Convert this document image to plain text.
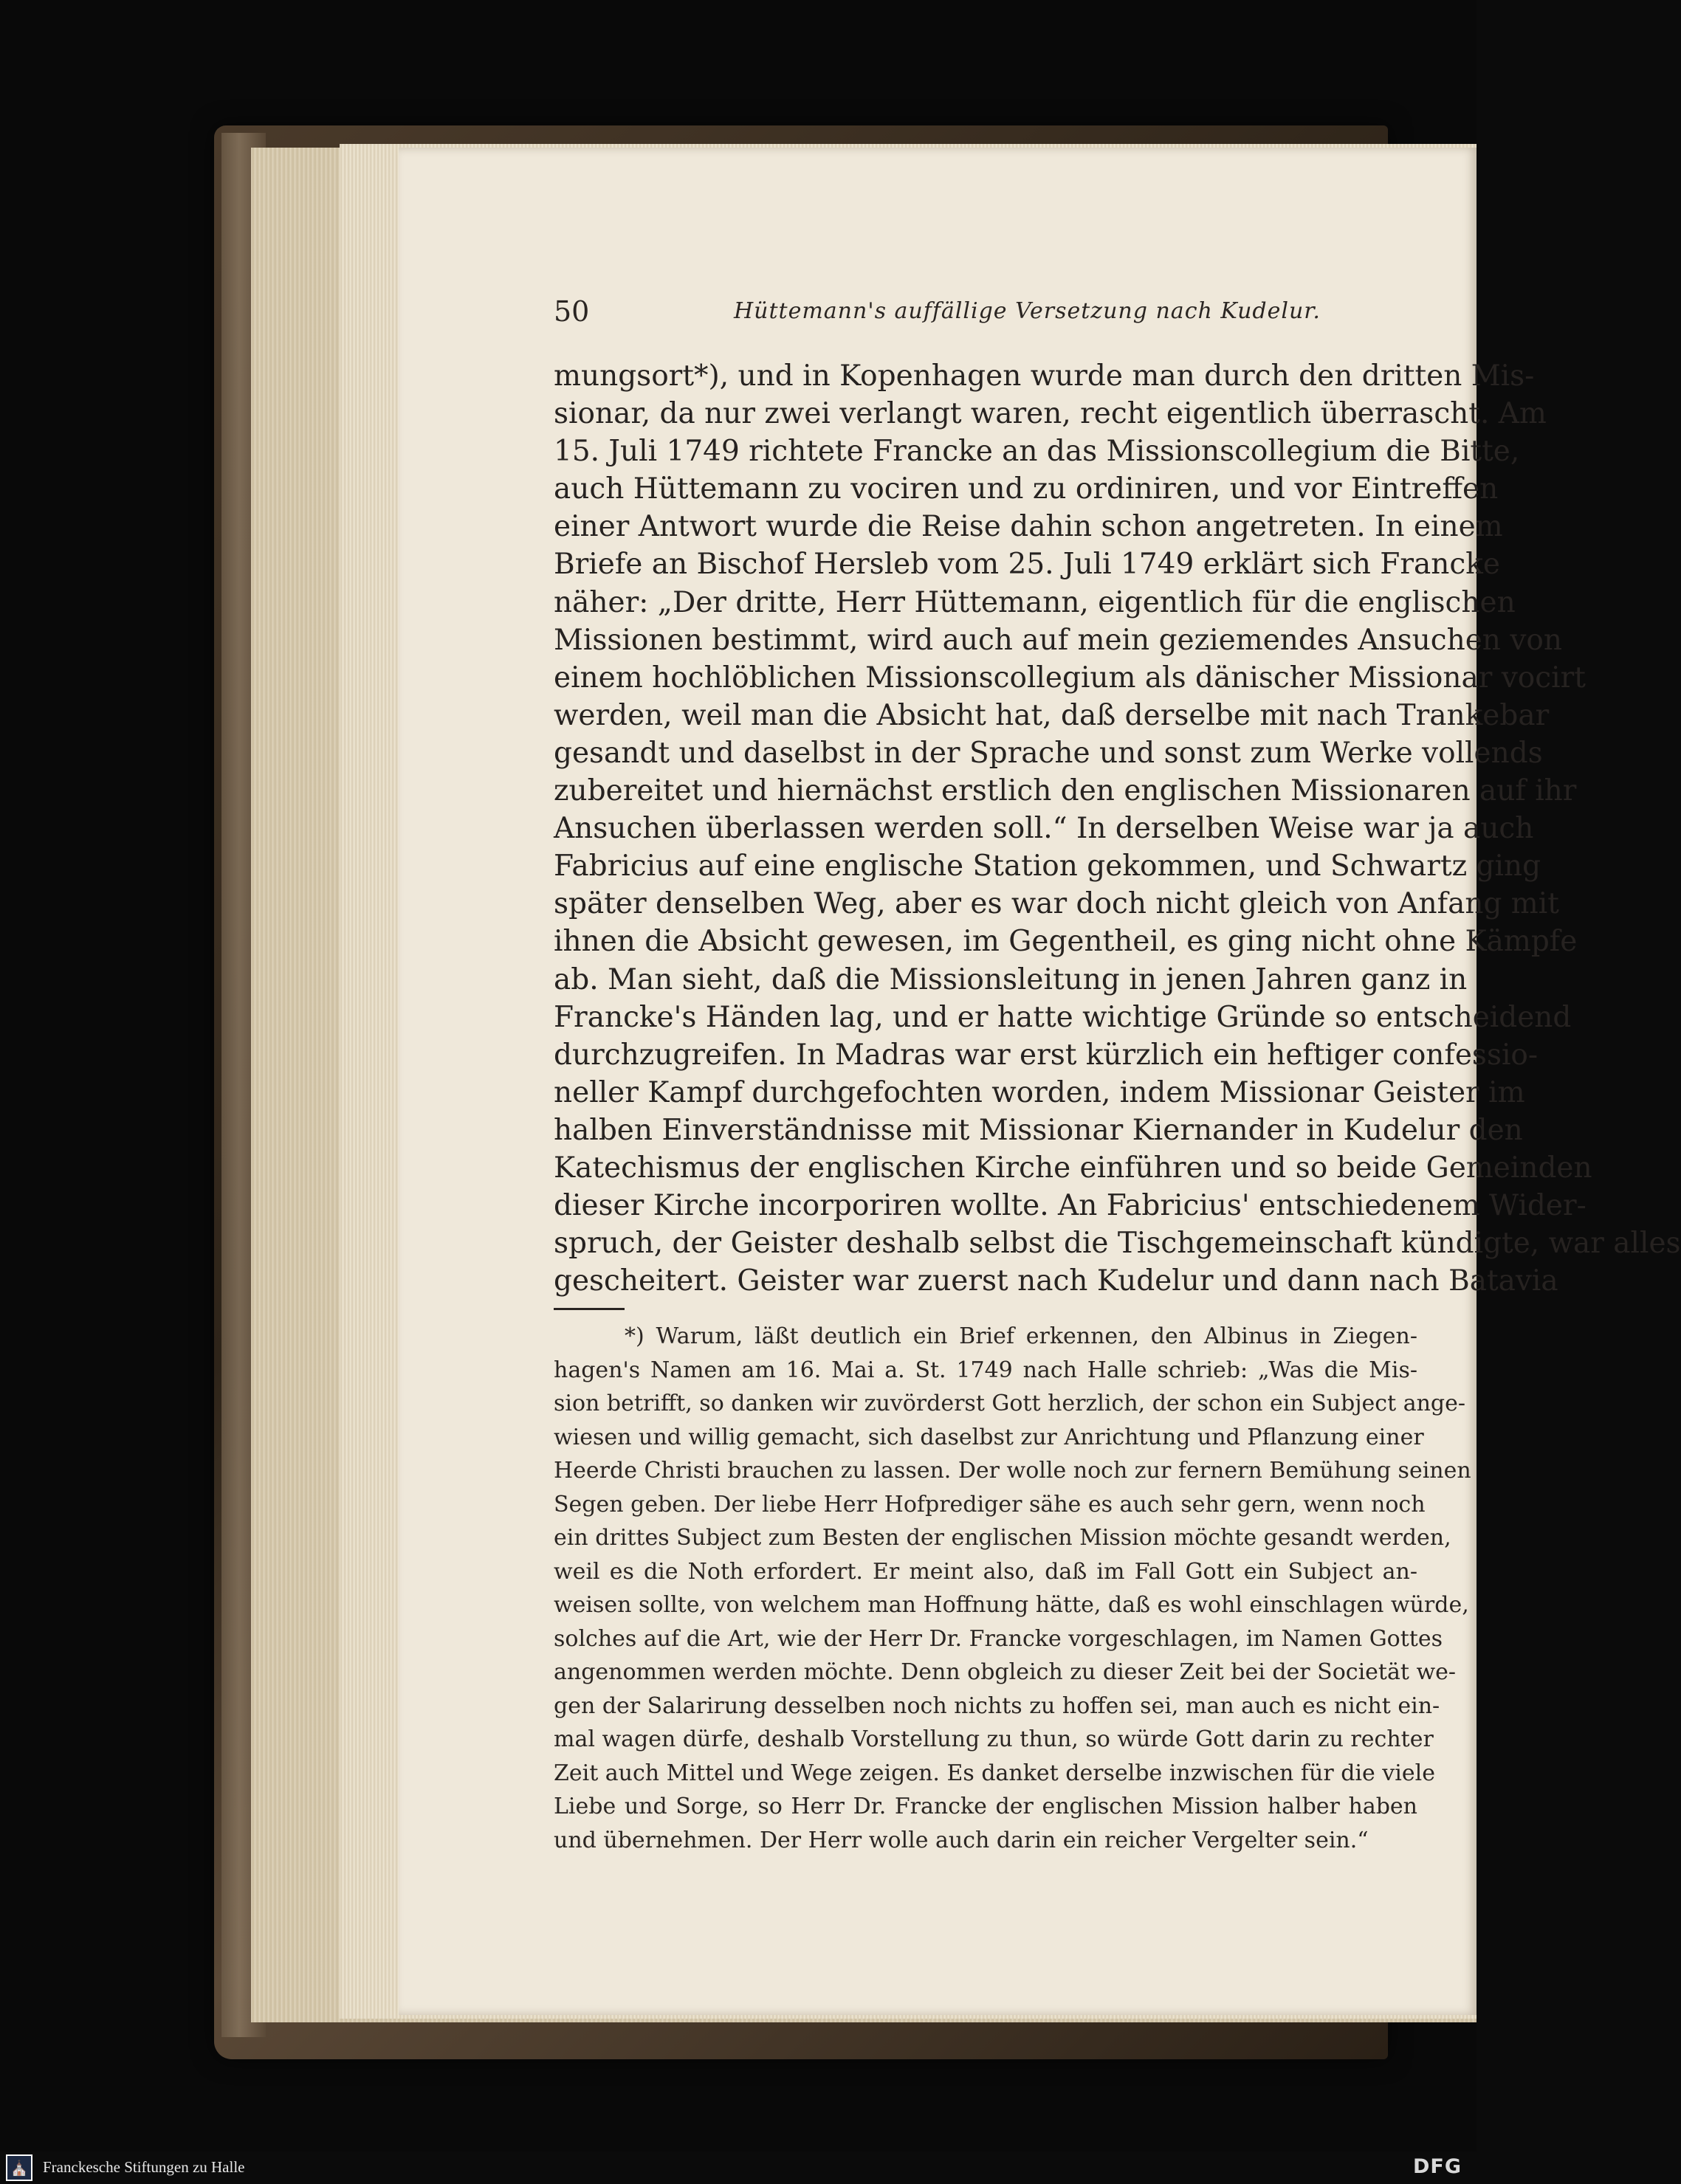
50	Hüttemann's auffällige Versetzung nach Kudelur.
mungsort*), und in Kopenhagen wurde man durch den dritten Mis-
sionar, da nur zwei verlangt waren, recht eigentlich überrascht. Am
15. Juli 1749 richtete Francke an das Missionscollegium die Bitte,
auch Hüttemann zu vociren und zu ordiniren, und vor Eintreffen
einer Antwort wurde die Reise dahin schon angetreten. In einem
Briefe an Bischof Hersleb vom 25. Juli 1749 erklärt sich Francke
näher: „Der dritte, Herr Hüttemann, eigentlich für die englischen
Missionen bestimmt, wird auch auf mein geziemendes Ansuchen von
einem hochlöblichen Missionscollegium als dänischer Missionar vocirt
werden, weil man die Absicht hat, daß derselbe mit nach Trankebar
gesandt und daselbst in der Sprache und sonst zum Werke vollends
zubereitet und hiernächst erstlich den englischen Missionaren auf ihr
Ansuchen überlassen werden soll.“ In derselben Weise war ja auch
Fabricius auf eine englische Station gekommen, und Schwartz ging
später denselben Weg, aber es war doch nicht gleich von Anfang mit
ihnen die Absicht gewesen, im Gegentheil, es ging nicht ohne Kämpfe
ab. Man sieht, daß die Missionsleitung in jenen Jahren ganz in
Francke's Händen lag, und er hatte wichtige Gründe so entscheidend
durchzugreifen. In Madras war erst kürzlich ein heftiger confessio-
neller Kampf durchgefochten worden, indem Missionar Geister im
halben Einverständnisse mit Missionar Kiernander in Kudelur den
Katechismus der englischen Kirche einführen und so beide Gemeinden
dieser Kirche incorporiren wollte. An Fabricius' entschiedenem Wider-
spruch, der Geister deshalb selbst die Tischgemeinschaft kündigte, war alles
gescheitert. Geister war zuerst nach Kudelur und dann nach Batavia
*) Warum, läßt deutlich ein Brief erkennen, den Albinus in Ziegen-
hagen's Namen am 16. Mai a. St. 1749 nach Halle schrieb: „Was die Mis-
sion betrifft, so danken wir zuvörderst Gott herzlich, der schon ein Subject ange-
wiesen und willig gemacht, sich daselbst zur Anrichtung und Pflanzung einer
Heerde Christi brauchen zu lassen. Der wolle noch zur fernern Bemühung seinen
Segen geben. Der liebe Herr Hofprediger sähe es auch sehr gern, wenn noch
ein drittes Subject zum Besten der englischen Mission möchte gesandt werden,
weil es die Noth erfordert. Er meint also, daß im Fall Gott ein Subject an-
weisen sollte, von welchem man Hoffnung hätte, daß es wohl einschlagen würde,
solches auf die Art, wie der Herr Dr. Francke vorgeschlagen, im Namen Gottes
angenommen werden möchte. Denn obgleich zu dieser Zeit bei der Societät we-
gen der Salarirung desselben noch nichts zu hoffen sei, man auch es nicht ein-
mal wagen dürfe, deshalb Vorstellung zu thun, so würde Gott darin zu rechter
Zeit auch Mittel und Wege zeigen. Es danket derselbe inzwischen für die viele
Liebe und Sorge, so Herr Dr. Francke der englischen Mission halber haben
und übernehmen. Der Herr wolle auch darin ein reicher Vergelter sein.“
⛪ Franckesche Stiftungen zu Halle	DFG
